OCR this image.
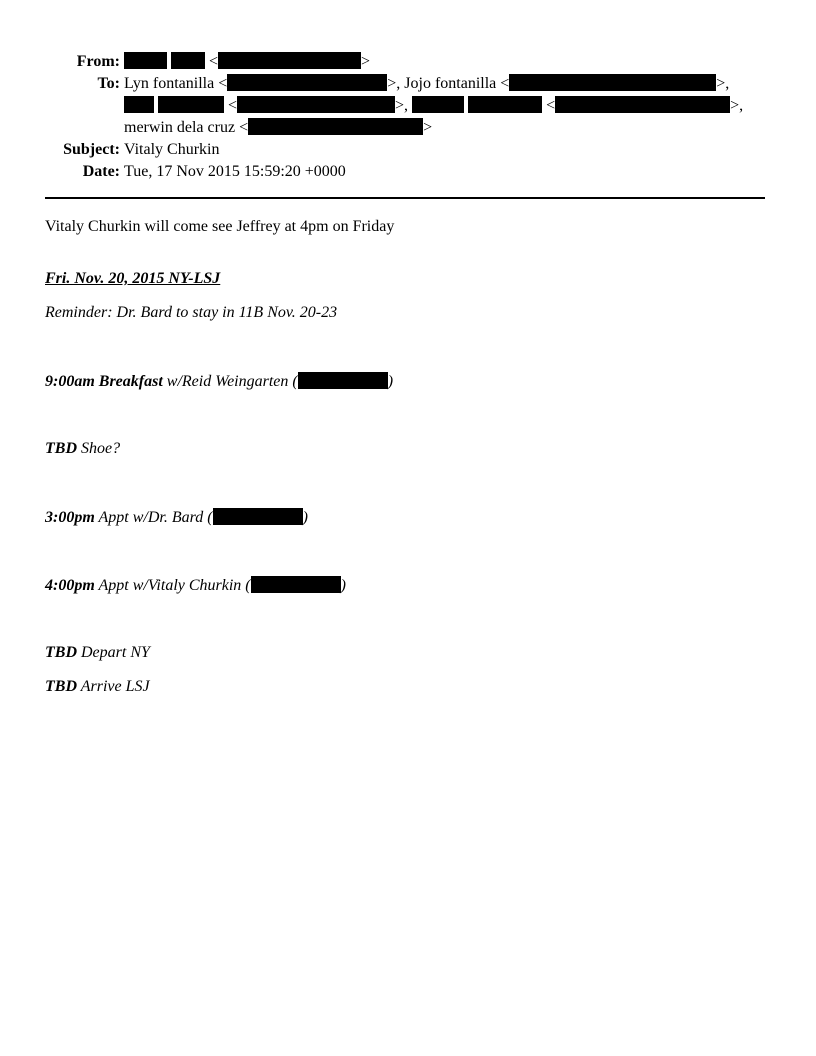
From:	<	>
To: Lyn fontanilla <	>, Jojo fontanilla <	>,
<	>,	<	>,
merwin dela cruz <	>
Subject: Vitaly Churkin
Date: Tue, 17 Nov 2015 15:59:20 +0000
Vitaly Churkin will come see Jeffrey at 4pm on Friday
Fri. Nov. 20, 2015 NY-LSJ
Reminder: Dr. Bard to stay in 11B Nov. 20-23
9:00am Breakfast w/Reid Weingarten (	)
TBD Shoe?
3:00pm Appt w/Dr. Bard (	)
4:00pm Appt w/Vitaly Churkin (	)
TBD Depart NY
TBD Arrive LSJ
